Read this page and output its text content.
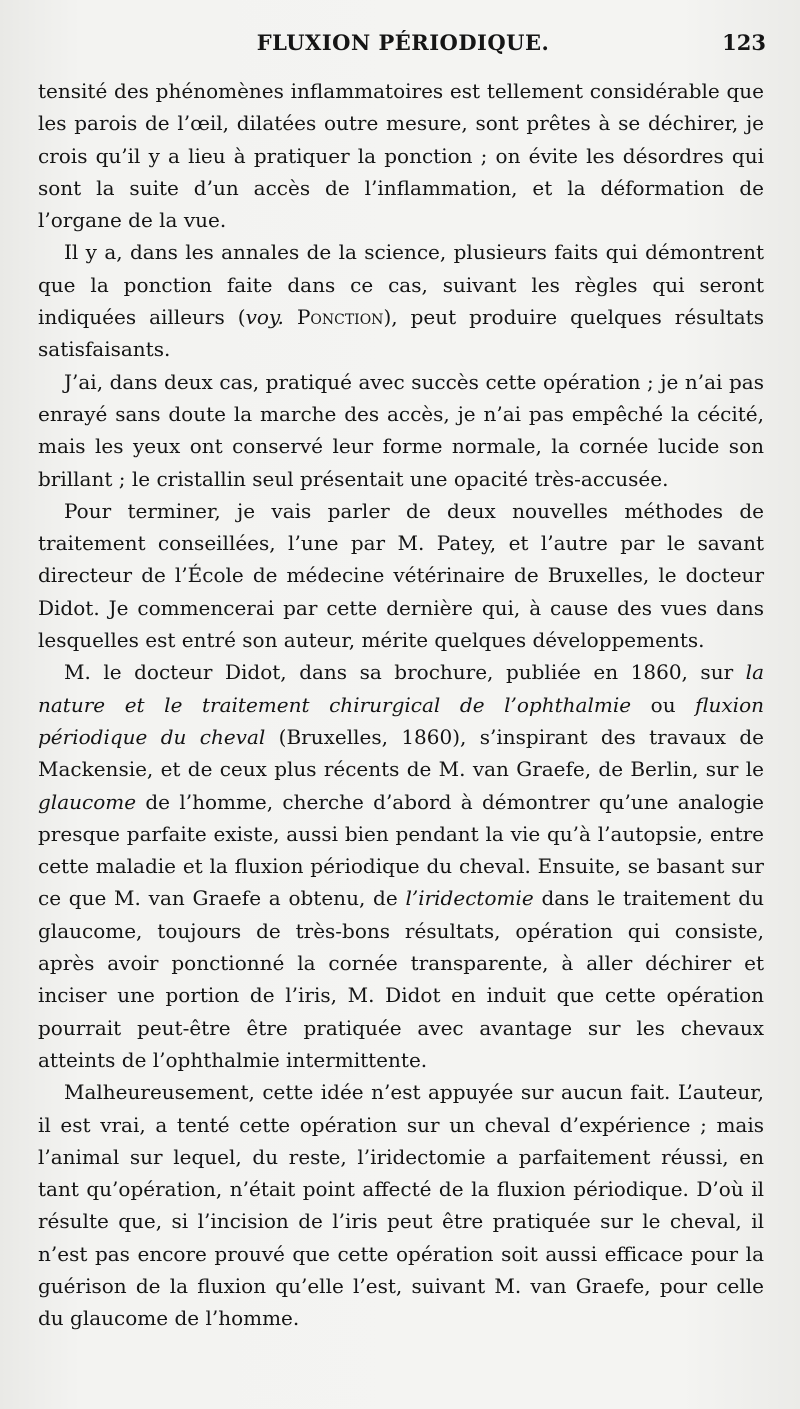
FLUXION PÉRIODIQUE.	123

tensité des phénomènes inflammatoires est tellement considérable que les parois de l’œil, dilatées outre mesure, sont prêtes à se déchirer, je crois qu’il y a lieu à pratiquer la ponction ; on évite les désordres qui sont la suite d’un accès de l’inflammation, et la déformation de l’organe de la vue.

Il y a, dans les annales de la science, plusieurs faits qui démontrent que la ponction faite dans ce cas, suivant les règles qui seront indiquées ailleurs (voy. Ponction), peut produire quelques résultats satisfaisants.

J’ai, dans deux cas, pratiqué avec succès cette opération ; je n’ai pas enrayé sans doute la marche des accès, je n’ai pas empêché la cécité, mais les yeux ont conservé leur forme normale, la cornée lucide son brillant ; le cristallin seul présentait une opacité très-accusée.

Pour terminer, je vais parler de deux nouvelles méthodes de traitement conseillées, l’une par M. Patey, et l’autre par le savant directeur de l’École de médecine vétérinaire de Bruxelles, le docteur Didot. Je commencerai par cette dernière qui, à cause des vues dans lesquelles est entré son auteur, mérite quelques développements.

M. le docteur Didot, dans sa brochure, publiée en 1860, sur la nature et le traitement chirurgical de l’ophthalmie ou fluxion périodique du cheval (Bruxelles, 1860), s’inspirant des travaux de Mackensie, et de ceux plus récents de M. van Graefe, de Berlin, sur le glaucome de l’homme, cherche d’abord à démontrer qu’une analogie presque parfaite existe, aussi bien pendant la vie qu’à l’autopsie, entre cette maladie et la fluxion périodique du cheval. Ensuite, se basant sur ce que M. van Graefe a obtenu, de l’iridectomie dans le traitement du glaucome, toujours de très-bons résultats, opération qui consiste, après avoir ponctionné la cornée transparente, à aller déchirer et inciser une portion de l’iris, M. Didot en induit que cette opération pourrait peut-être être pratiquée avec avantage sur les chevaux atteints de l’ophthalmie intermittente.

Malheureusement, cette idée n’est appuyée sur aucun fait. L’auteur, il est vrai, a tenté cette opération sur un cheval d’expérience ; mais l’animal sur lequel, du reste, l’iridectomie a parfaitement réussi, en tant qu’opération, n’était point affecté de la fluxion périodique. D’où il résulte que, si l’incision de l’iris peut être pratiquée sur le cheval, il n’est pas encore prouvé que cette opération soit aussi efficace pour la guérison de la fluxion qu’elle l’est, suivant M. van Graefe, pour celle du glaucome de l’homme.
